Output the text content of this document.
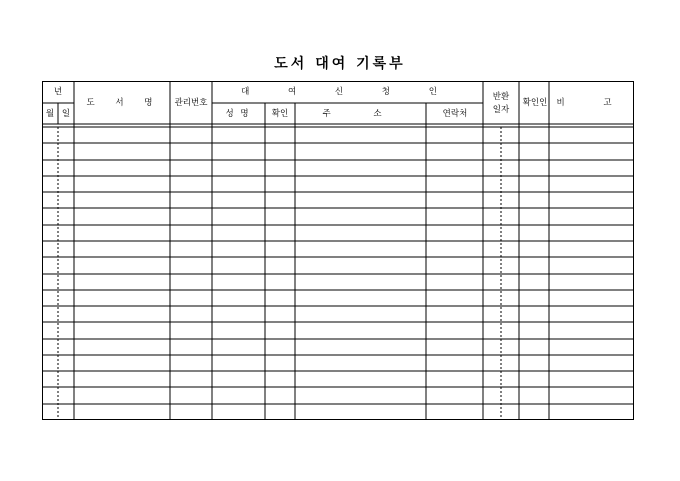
도서 대여 기록부
년
월 일
도 서 명 관리번호
대 여 신 청 인
성 명 확인	주 소	연락처
반환
일자
확인인 비 고
